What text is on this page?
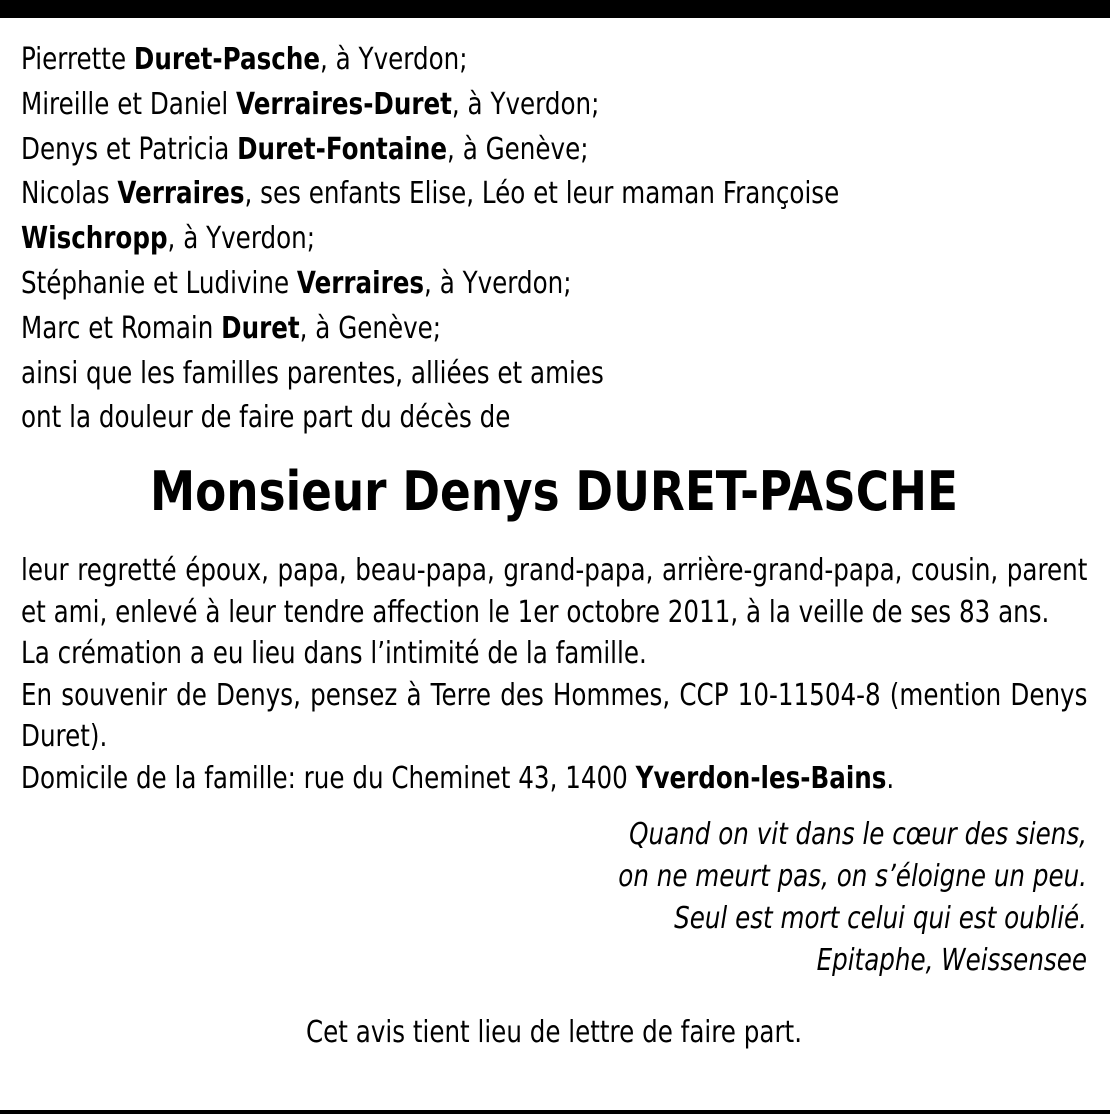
Pierrette Duret-Pasche, à Yverdon;
Mireille et Daniel Verraires-Duret, à Yverdon;
Denys et Patricia Duret-Fontaine, à Genève;
Nicolas Verraires, ses enfants Elise, Léo et leur maman Françoise
Wischropp, à Yverdon;
Stéphanie et Ludivine Verraires, à Yverdon;
Marc et Romain Duret, à Genève;
ainsi que les familles parentes, alliées et amies
ont la douleur de faire part du décès de
Monsieur Denys DURET-PASCHE
leur regretté époux, papa, beau-papa, grand-papa, arrière-grand-papa, cousin, parent et ami, enlevé à leur tendre affection le 1er octobre 2011, à la veille de ses 83 ans.
La crémation a eu lieu dans l’intimité de la famille.
En souvenir de Denys, pensez à Terre des Hommes, CCP 10-11504-8 (mention Denys Duret).
Domicile de la famille: rue du Cheminet 43, 1400 Yverdon-les-Bains.
Quand on vit dans le cœur des siens,
on ne meurt pas, on s’éloigne un peu.
Seul est mort celui qui est oublié.
Epitaphe, Weissensee
Cet avis tient lieu de lettre de faire part.
